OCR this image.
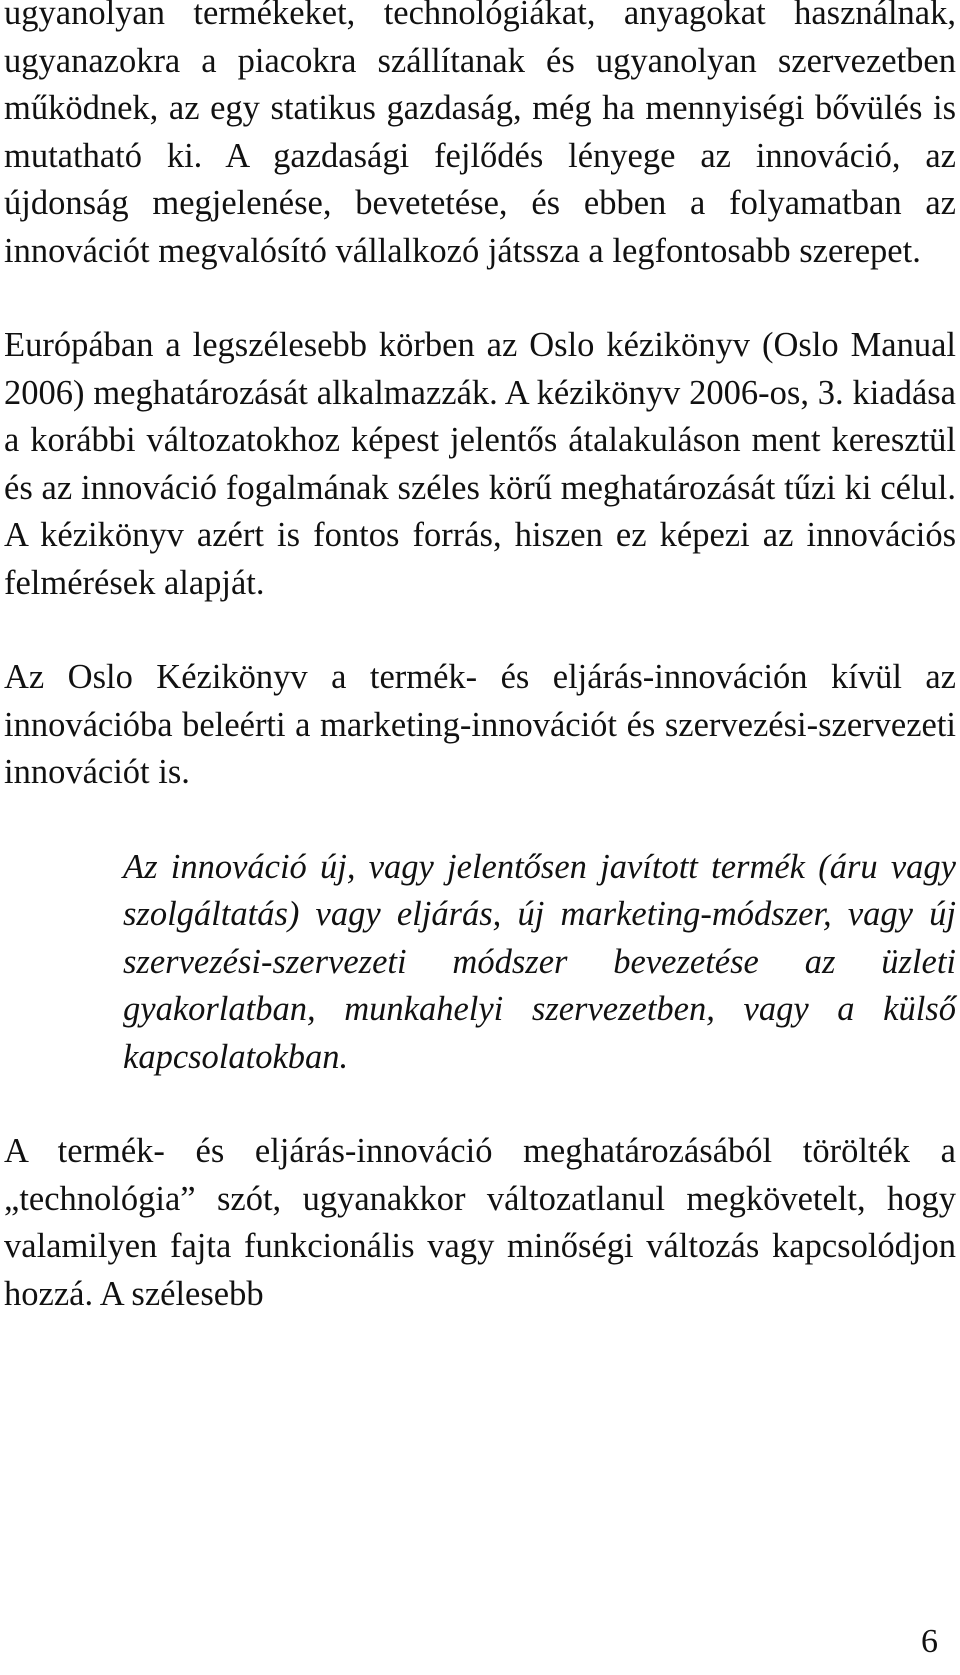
ugyanolyan termékeket, technológiákat, anyagokat használnak, ugyanazokra a piacokra szállítanak és ugyanolyan szervezetben működnek, az egy statikus gazdaság, még ha mennyiségi bővülés is mutatható ki. A gazdasági fejlődés lényege az innováció, az újdonság megjelenése, bevetetése, és ebben a folyamatban az innovációt megvalósító vállalkozó játssza a legfontosabb szerepet.

Európában a legszélesebb körben az Oslo kézikönyv (Oslo Manual 2006) meghatározását alkalmazzák. A kézikönyv 2006-os, 3. kiadása a korábbi változatokhoz képest jelentős átalakuláson ment keresztül és az innováció fogalmának széles körű meghatározását tűzi ki célul. A kézikönyv azért is fontos forrás, hiszen ez képezi az innovációs felmérések alapját.

Az Oslo Kézikönyv a termék- és eljárás-innováción kívül az innovációba beleérti a marketing-innovációt és szervezési-szervezeti innovációt is.

Az innováció új, vagy jelentősen javított termék (áru vagy szolgáltatás) vagy eljárás, új marketing-módszer, vagy új szervezési-szervezeti módszer bevezetése az üzleti gyakorlatban, munkahelyi szervezetben, vagy a külső kapcsolatokban.

A termék- és eljárás-innováció meghatározásából törölték a „technológia” szót, ugyanakkor változatlanul megkövetelt, hogy valamilyen fajta funkcionális vagy minőségi változás kapcsolódjon hozzá. A szélesebb

6
